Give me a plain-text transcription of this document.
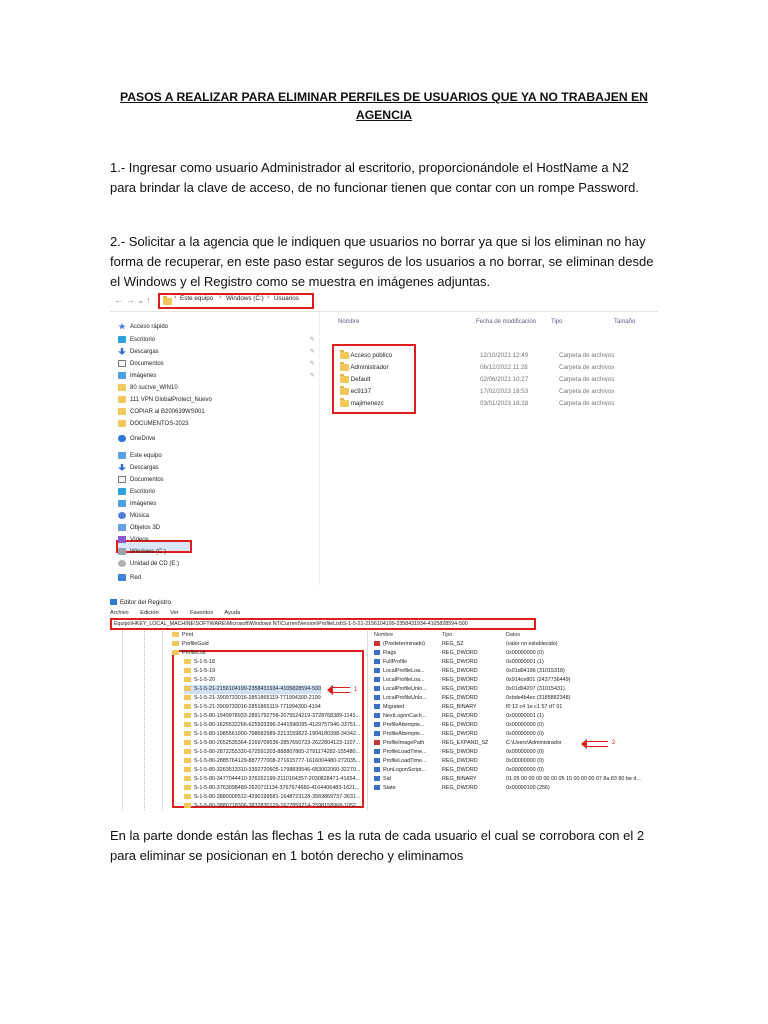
PASOS A REALIZAR PARA ELIMINAR PERFILES DE USUARIOS QUE YA NO TRABAJEN EN AGENCIA
1.- Ingresar como usuario Administrador al escritorio, proporcionándole el HostName a N2 para brindar la clave de acceso, de no funcionar tienen que contar con un rompe Password.
2.- Solicitar a la agencia que le indiquen que usuarios no borrar ya que si los eliminan no hay forma de recuperar, en este paso estar seguros de los usuarios a no borrar, se eliminan desde el Windows y el Registro como se muestra en imágenes adjuntas.
← → ⌄ ↑	› Este equipo › Windows (C:) › Usuarios
Acceso rápido
Escritorio	✎
Descargas	✎
Documentos	✎
Imágenes	✎
80 sucrve_WIN10
111 VPN GlobalProtect_Nuevo
COPIAR al B200639WS001
DOCUMENTOS-2023
OneDrive
Este equipo
Descargas
Documentos
Escritorio
Imágenes
Música
Objetos 3D
Vídeos
Windows (C:)
Unidad de CD (E:)
Red
Nombre	Fecha de modificación Tipo	Tamaño
Acceso público	12/10/2021 12:49	Carpeta de archivos
Administrador	06/12/2022 11:28	Carpeta de archivos
Default	02/06/2021 10:27	Carpeta de archivos
ec9137	17/02/2023 18:53	Carpeta de archivos
majimenezc	03/01/2023 18:28	Carpeta de archivos
Editor del Registro
Archivo Edición Ver Favoritos Ayuda
Equipo\HKEY_LOCAL_MACHINE\SOFTWARE\Microsoft\Windows NT\CurrentVersion\ProfileList\S-1-5-21-2156104199-2358431934-4105828594-500
Print
ProfileGuid
ProfileList
S-1-5-18
S-1-5-19
S-1-5-20
S-1-5-21-2156104199-2358431934-4105828594-500
S-1-5-21-3909733016-2851865119-771994300-2199
S-1-5-21-3909733016-2851865119-771994300-4194
S-1-5-80-1549978933-2891792758-2075524219-3728768389-1143...
S-1-5-80-1625532266-625503396-2441596095-4129757946-33751...
S-1-5-80-1985561900-798682989-2213159822-1904180398-34342...
S-1-5-80-2652535364-2169709536-2857650723-2622804123-1107...
S-1-5-80-2872255330-672591203-888807865-2791174282-155480...
S-1-5-80-2885764129-887777008-271615777-1616004480-272035...
S-1-5-80-3263513310-3392720605-1798839546-683002060-32270...
S-1-5-80-3477044410-376262199-2110164357-2030828471-41654...
S-1-5-80-3763098489-2620711134-3767674660-4164406483-1621...
S-1-5-80-3880006512-4290199581-1648723128-3569869737-3631...
S-1-5-80-3880718306-3832830129-1677859214-2598158968-1052...
1
Nombre	Tipo	Datos
(Predeterminado)	REG_SZ	(valor no establecido)
Flags	REG_DWORD	0x00000000 (0)
FullProfile	REG_DWORD	0x00000001 (1)
LocalProfileLoa...	REG_DWORD	0x01d94196 (31015318)
LocalProfileLoa...	REG_DWORD	0x914ce801 (2437736449)
LocalProfileUnlo...	REG_DWORD	0x01d94207 (31015431)
LocalProfileUnlo...	REG_DWORD	0xbde4b4ec (3185882348)
Migrated	REG_BINARY	f0 12 c4 1e c1 57 d7 01
NextLogonCach...	REG_DWORD	0x00000001 (1)
ProfileAttempte...	REG_DWORD	0x00000000 (0)
ProfileAttempte...	REG_DWORD	0x00000000 (0)
ProfileImagePath	REG_EXPAND_SZ	C:\Users\Administrador
ProfileLoadTime...	REG_DWORD	0x00000000 (0)
ProfileLoadTime...	REG_DWORD	0x00000000 (0)
RunLogonScript...	REG_DWORD	0x00000000 (0)
Sid	REG_BINARY	01 05 00 00 00 00 00 05 15 00 00 00 07 8a 83 80 be d...
State	REG_DWORD	0x00000100 (256)
2
En la parte donde están las flechas 1 es la ruta de cada usuario el cual se corrobora con el 2 para eliminar se posicionan en 1 botón derecho y eliminamos
